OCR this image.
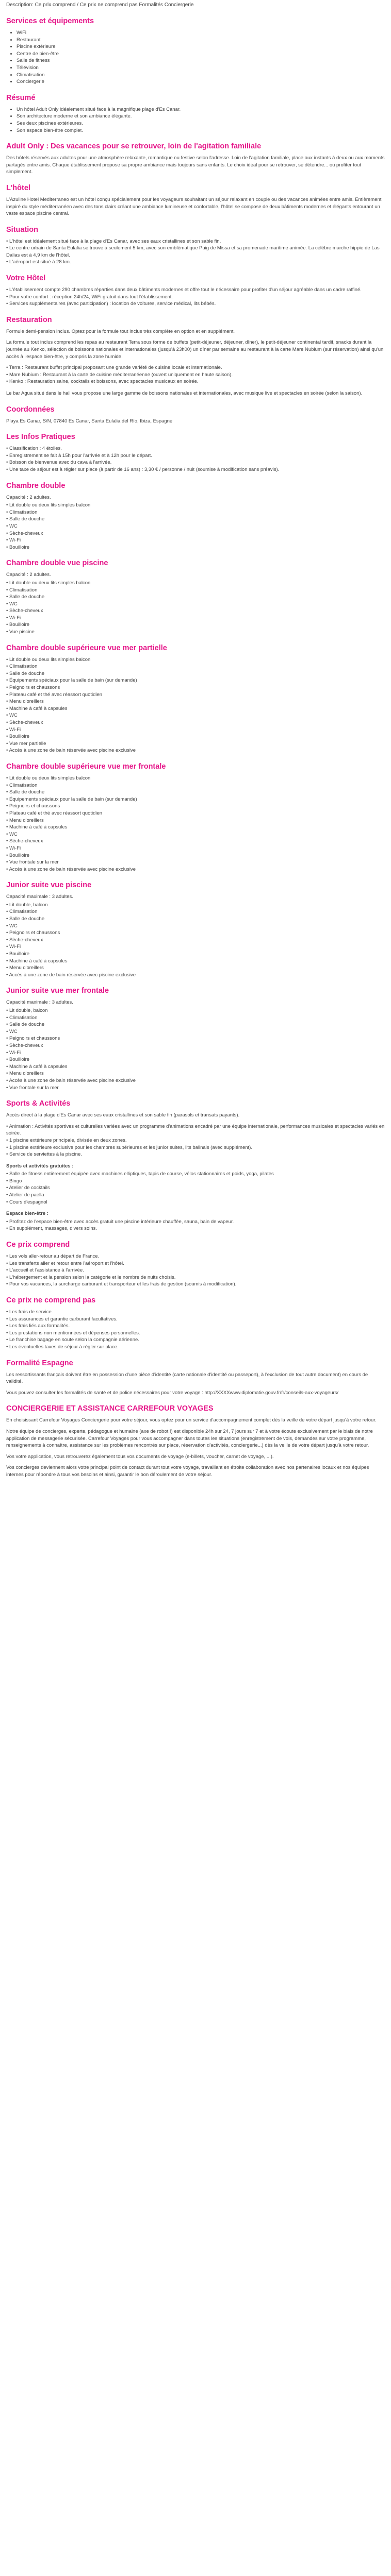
Description: Ce prix comprend / Ce prix ne comprend pas Formalités Conciergerie

Services et équipements
• WiFi
• Restaurant
• Piscine extérieure
• Centre de bien-être
• Salle de fitness
• Télévision
• Climatisation
• Conciergerie
Résumé
• Un hôtel Adult Only idéalement situé face à la magnifique plage d'Es Canar.
• Son architecture moderne et son ambiance élégante.
• Ses deux piscines extérieures.
• Son espace bien-être complet.
Adult Only : Des vacances pour se retrouver, loin de l'agitation familiale

Des hôtels réservés aux adultes pour une atmosphère relaxante, romantique ou festive selon l'adresse. Loin de l'agitation familiale, place aux instants à deux ou aux moments partagés entre amis. Chaque établissement propose sa propre ambiance mais toujours sans enfants. Le choix idéal pour se retrouver, se détendre... ou profiter tout simplement.

L'hôtel

L'Azuline Hotel Mediterraneo est un hôtel conçu spécialement pour les voyageurs souhaitant un séjour relaxant en couple ou des vacances animées entre amis. Entièrement inspiré du style méditerranéen avec des tons clairs créant une ambiance lumineuse et confortable, l'hôtel se compose de deux bâtiments modernes et élégants entourant un vaste espace piscine central.

Situation
• L'hôtel est idéalement situé face à la plage d'Es Canar, avec ses eaux cristallines et son sable fin.
• Le centre urbain de Santa Eulalia se trouve à seulement 5 km, avec son emblématique Puig de Missa et sa promenade maritime animée. La célèbre marche hippie de Las Dalias est à 4,9 km de l'hôtel.
• L'aéroport est situé à 28 km.
Votre Hôtel
• L'établissement compte 290 chambres réparties dans deux bâtiments modernes et offre tout le nécessaire pour profiter d'un séjour agréable dans un cadre raffiné.
• Pour votre confort : réception 24h/24, WiFi gratuit dans tout l'établissement.
• Services supplémentaires (avec participation) : location de voitures, service médical, lits bébés.
Restauration

Formule demi-pension inclus. Optez pour la formule tout inclus très complète en option et en supplément.

La formule tout inclus comprend les repas au restaurant Terra sous forme de buffets (petit-déjeuner, déjeuner, dîner), le petit-déjeuner continental tardif, snacks durant la journée au Kenko, sélection de boissons nationales et internationales (jusqu'à 23h00) un dîner par semaine au restaurant à la carte Mare Nubium (sur réservation) ainsi qu'un accès à l'espace bien-être, y compris la zone humide.

• Terra : Restaurant buffet principal proposant une grande variété de cuisine locale et internationale.
• Mare Nubium : Restaurant à la carte de cuisine méditerranéenne (ouvert uniquement en haute saison).
• Kenko : Restauration saine, cocktails et boissons, avec spectacles musicaux en soirée.

Le bar Agua situé dans le hall vous propose une large gamme de boissons nationales et internationales, avec musique live et spectacles en soirée (selon la saison).

Coordonnées

Playa Es Canar, S/N, 07840 Es Canar, Santa Eulalia del Río, Ibiza, Espagne

Les Infos Pratiques
• Classification : 4 étoiles.
• Enregistrement se fait à 15h pour l'arrivée et à 12h pour le départ.
• Boisson de bienvenue avec du cava à l'arrivée.
• Une taxe de séjour est à régler sur place (à partir de 16 ans) : 3,30 € / personne / nuit (soumise à modification sans préavis).
Chambre double

Capacité : 2 adultes.

• Lit double ou deux lits simples balcon
• Climatisation
• Salle de douche
• WC
• Sèche-cheveux
• Wi-Fi
• Bouilloire
Chambre double vue piscine

Capacité : 2 adultes.

• Lit double ou deux lits simples balcon
• Climatisation
• Salle de douche
• WC
• Sèche-cheveux
• Wi-Fi
• Bouilloire
• Vue piscine
Chambre double supérieure vue mer partielle
• Lit double ou deux lits simples balcon
• Climatisation
• Salle de douche
• Équipements spéciaux pour la salle de bain (sur demande)
• Peignoirs et chaussons
• Plateau café et thé avec réassort quotidien
• Menu d'oreillers
• Machine à café à capsules
• WC
• Sèche-cheveux
• Wi-Fi
• Bouilloire
• Vue mer partielle
• Accès à une zone de bain réservée avec piscine exclusive
Chambre double supérieure vue mer frontale
• Lit double ou deux lits simples balcon
• Climatisation
• Salle de douche
• Équipements spéciaux pour la salle de bain (sur demande)
• Peignoirs et chaussons
• Plateau café et thé avec réassort quotidien
• Menu d'oreillers
• Machine à café à capsules
• WC
• Sèche-cheveux
• Wi-Fi
• Bouilloire
• Vue frontale sur la mer
• Accès à une zone de bain réservée avec piscine exclusive
Junior suite vue piscine

Capacité maximale : 3 adultes.

• Lit double, balcon
• Climatisation
• Salle de douche
• WC
• Peignoirs et chaussons
• Sèche-cheveux
• Wi-Fi
• Bouilloire
• Machine à café à capsules
• Menu d'oreillers
• Accès à une zone de bain réservée avec piscine exclusive
Junior suite vue mer frontale

Capacité maximale : 3 adultes.

• Lit double, balcon
• Climatisation
• Salle de douche
• WC
• Peignoirs et chaussons
• Sèche-cheveux
• Wi-Fi
• Bouilloire
• Machine à café à capsules
• Menu d'oreillers
• Accès à une zone de bain réservée avec piscine exclusive
• Vue frontale sur la mer
Sports & Activités

Accès direct à la plage d'Es Canar avec ses eaux cristallines et son sable fin (parasols et transats payants).

• Animation : Activités sportives et culturelles variées avec un programme d'animations encadré par une équipe internationale, performances musicales et spectacles variés en soirée.
• 1 piscine extérieure principale, divisée en deux zones.
• 1 piscine extérieure exclusive pour les chambres supérieures et les junior suites, lits balinais (avec supplément).
• Service de serviettes à la piscine.

Sports et activités gratuites :

• Salle de fitness entièrement équipée avec machines elliptiques, tapis de course, vélos stationnaires et poids, yoga, pilates
• Bingo
• Atelier de cocktails
• Atelier de paella
• Cours d'espagnol

Espace bien-être :

• Profitez de l'espace bien-être avec accès gratuit une piscine intérieure chauffée, sauna, bain de vapeur.
• En supplément, massages, divers soins.
Ce prix comprend
• Les vols aller-retour au départ de France.
• Les transferts aller et retour entre l'aéroport et l'hôtel.
• L'accueil et l'assistance à l'arrivée.
• L'hébergement et la pension selon la catégorie et le nombre de nuits choisis.
• Pour vos vacances, la surcharge carburant et transporteur et les frais de gestion (soumis à modification).
Ce prix ne comprend pas
• Les frais de service.
• Les assurances et garantie carburant facultatives.
• Les frais liés aux formalités.
• Les prestations non mentionnées et dépenses personnelles.
• Le franchise bagage en soute selon la compagnie aérienne.
• Les éventuelles taxes de séjour à régler sur place.
Formalité Espagne

Les ressortissants français doivent être en possession d'une pièce d'identité (carte nationale d'identité ou passeport), à l'exclusion de tout autre document) en cours de validité.

Vous pouvez consulter les formalités de santé et de police nécessaires pour votre voyage : http://XXXXwww.diplomatie.gouv.fr/fr/conseils-aux-voyageurs/

CONCIERGERIE ET ASSISTANCE CARREFOUR VOYAGES

En choisissant Carrefour Voyages Conciergerie pour votre séjour, vous optez pour un service d'accompagnement complet dès la veille de votre départ jusqu'à votre retour.

Notre équipe de concierges, experte, pédagogue et humaine (axe de robot !) est disponible 24h sur 24, 7 jours sur 7 et à votre écoute exclusivement par le biais de notre application de messagerie sécurisée. Carrefour Voyages pour vous accompagner dans toutes les situations (enregistrement de vols, demandes sur votre programme, renseignements à connaître, assistance sur les problèmes rencontrés sur place, réservation d'activités, conciergerie...) dès la veille de votre départ jusqu'à votre retour.

Vos votre application, vous retrouverez également tous vos documents de voyage (e-billets, voucher, carnet de voyage, ...).

Vos concierges deviennent alors votre principal point de contact durant tout votre voyage, travaillant en étroite collaboration avec nos partenaires locaux et nos équipes internes pour répondre à tous vos besoins et ainsi, garantir le bon déroulement de votre séjour.
